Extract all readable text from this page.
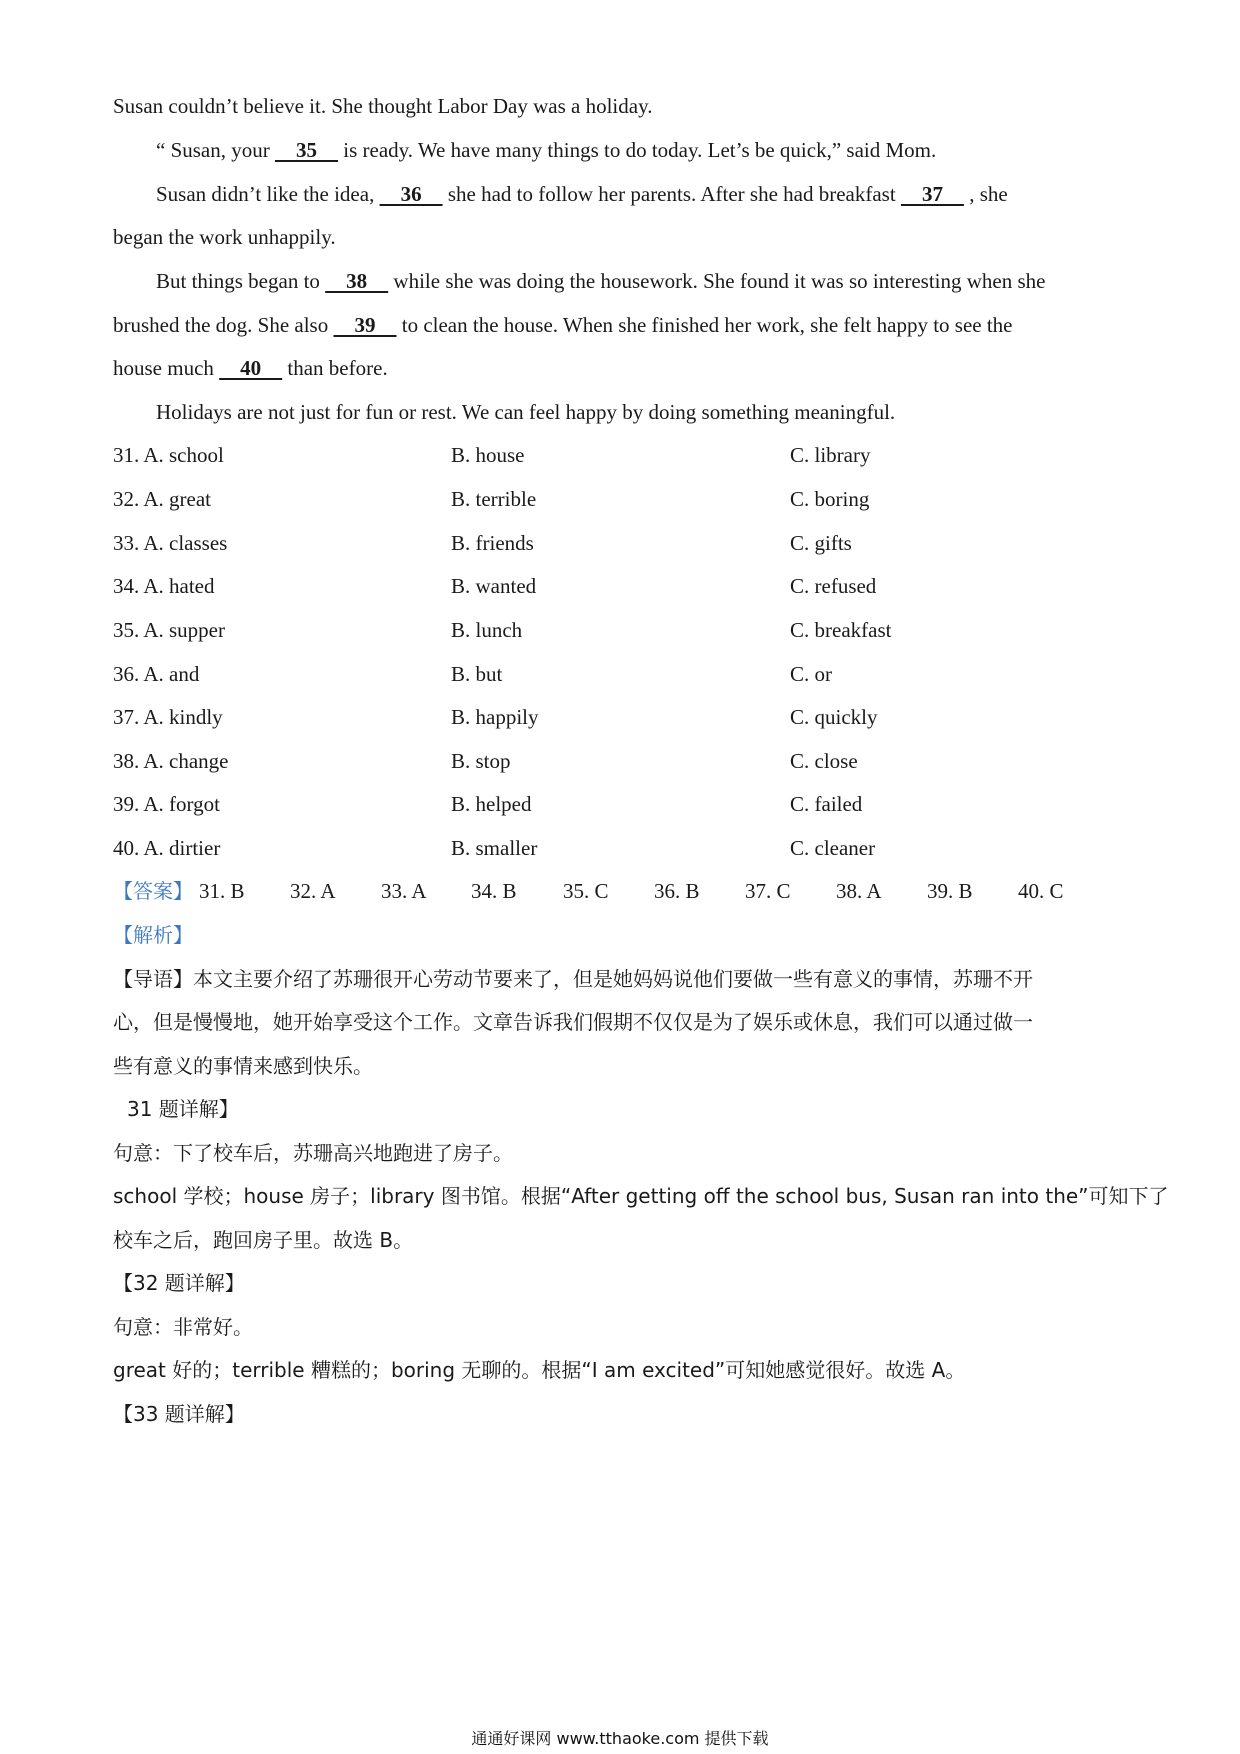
Susan couldn’t believe it. She thought Labor Day was a holiday.
“ Susan, your     35     is ready. We have many things to do today. Let’s be quick,” said Mom.
Susan didn’t like the idea,     36     she had to follow her parents. After she had breakfast     37     , she
began the work unhappily.
But things began to     38     while she was doing the housework. She found it was so interesting when she
brushed the dog. She also     39     to clean the house. When she finished her work, she felt happy to see the
house much     40     than before.
Holidays are not just for fun or rest. We can feel happy by doing something meaningful.
31. A. school	B. house	C. library
32. A. great	B. terrible	C. boring
33. A. classes	B. friends	C. gifts
34. A. hated	B. wanted	C. refused
35. A. supper	B. lunch	C. breakfast
36. A. and	B. but	C. or
37. A. kindly	B. happily	C. quickly
38. A. change	B. stop	C. close
39. A. forgot	B. helped	C. failed
40. A. dirtier	B. smaller	C. cleaner
【答案】 31. B 32. A 33. A 34. B 35. C 36. B 37. C 38. A 39. B 40. C
【解析】
【导语】本文主要介绍了苏珊很开心劳动节要来了，但是她妈妈说他们要做一些有意义的事情，苏珊不开
心，但是慢慢地，她开始享受这个工作。文章告诉我们假期不仅仅是为了娱乐或休息，我们可以通过做一
些有意义的事情来感到快乐。
31 题详解】
句意：下了校车后，苏珊高兴地跑进了房子。
school 学校；house 房子；library 图书馆。根据“After getting off the school bus, Susan ran into the”可知下了
校车之后，跑回房子里。故选 B。
【32 题详解】
句意：非常好。
great 好的；terrible 糟糕的；boring 无聊的。根据“I am excited”可知她感觉很好。故选 A。
【33 题详解】
通通好课网 www.tthaoke.com 提供下载
